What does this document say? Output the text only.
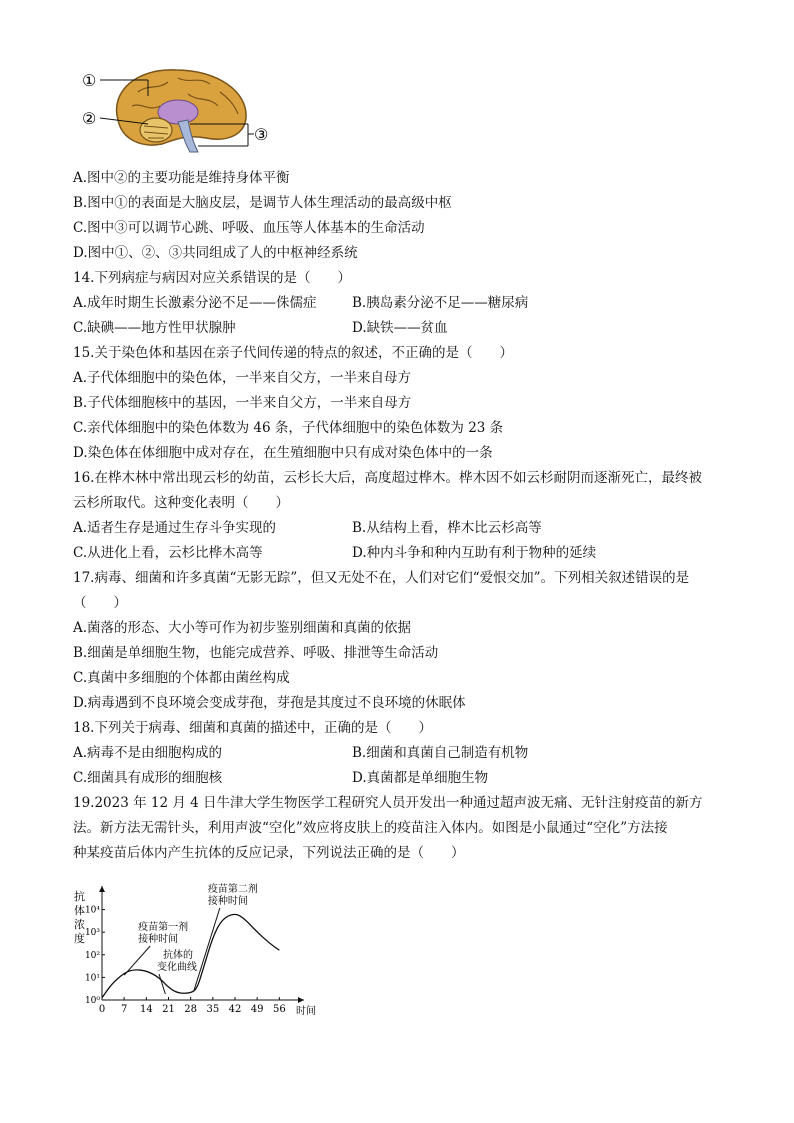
①
②
③
A.图中②的主要功能是维持身体平衡
B.图中①的表面是大脑皮层，是调节人体生理活动的最高级中枢
C.图中③可以调节心跳、呼吸、血压等人体基本的生命活动
D.图中①、②、③共同组成了人的中枢神经系统
14.下列病症与病因对应关系错误的是（　　）
A.成年时期生长激素分泌不足——侏儒症	B.胰岛素分泌不足——糖尿病
C.缺碘——地方性甲状腺肿	D.缺铁——贫血
15.关于染色体和基因在亲子代间传递的特点的叙述，不正确的是（　　）
A.子代体细胞中的染色体，一半来自父方，一半来自母方
B.子代体细胞核中的基因，一半来自父方，一半来自母方
C.亲代体细胞中的染色体数为 46 条，子代体细胞中的染色体数为 23 条
D.染色体在体细胞中成对存在，在生殖细胞中只有成对染色体中的一条
16.在桦木林中常出现云杉的幼苗，云杉长大后，高度超过桦木。桦木因不如云杉耐阴而逐渐死亡，最终被
云杉所取代。这种变化表明（　　）
A.适者生存是通过生存斗争实现的	B.从结构上看，桦木比云杉高等
C.从进化上看，云杉比桦木高等	D.种内斗争和种内互助有利于物种的延续
17.病毒、细菌和许多真菌“无影无踪”，但又无处不在，人们对它们“爱恨交加”。下列相关叙述错误的是
（　　）
A.菌落的形态、大小等可作为初步鉴别细菌和真菌的依据
B.细菌是单细胞生物，也能完成营养、呼吸、排泄等生命活动
C.真菌中多细胞的个体都由菌丝构成
D.病毒遇到不良环境会变成芽孢，芽孢是其度过不良环境的休眠体
18.下列关于病毒、细菌和真菌的描述中，正确的是（　　）
A.病毒不是由细胞构成的	B.细菌和真菌自己制造有机物
C.细菌具有成形的细胞核	D.真菌都是单细胞生物
19.2023 年 12 月 4 日牛津大学生物医学工程研究人员开发出一种通过超声波无痛、无针注射疫苗的新方
法。新方法无需针头，利用声波“空化”效应将皮肤上的疫苗注入体内。如图是小鼠通过“空化”方法接
种某疫苗后体内产生抗体的反应记录，下列说法正确的是（　　）
抗
体
浓
度
0 7 14 21 28 35 42 49 56 时间
10⁰
10¹
10²
10³
10⁴
疫苗第一剂
接种时间
抗体的
变化曲线
疫苗第二剂
接种时间
